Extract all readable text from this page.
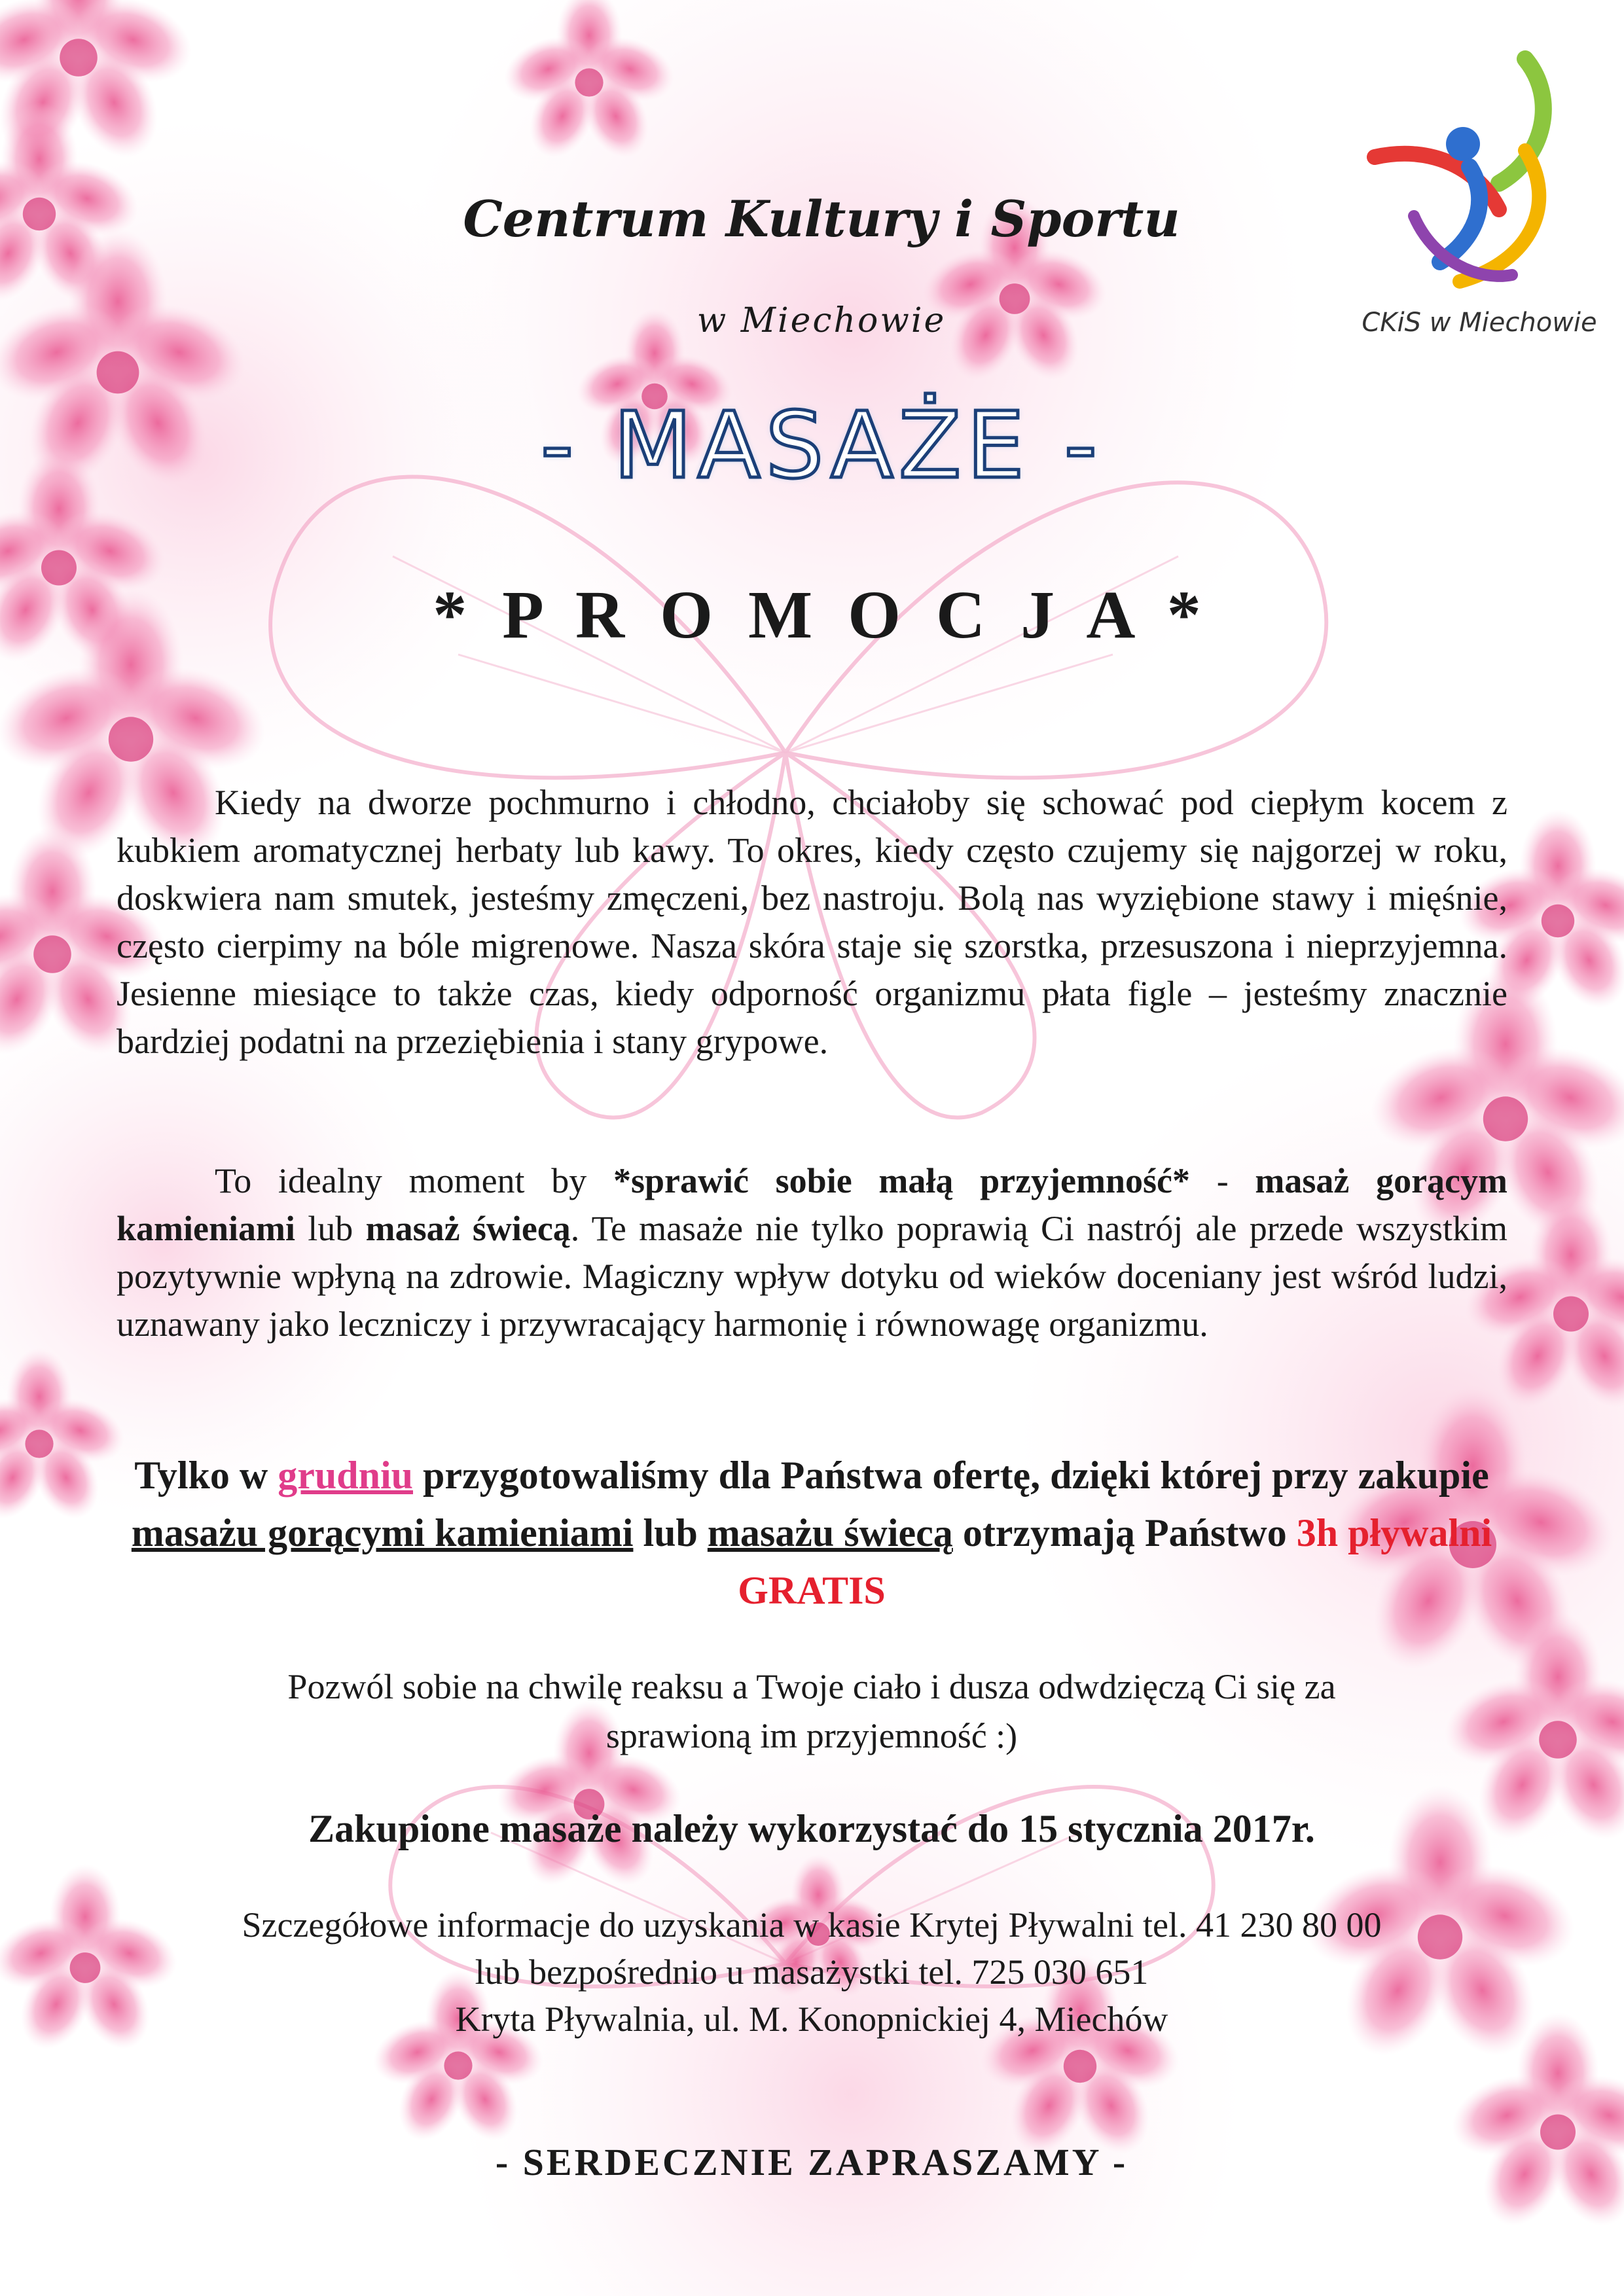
CKiS w Miechowie
Centrum Kultury i Sportu
w Miechowie
- MASAŻE -
* P R O M O C J A *
Kiedy na dworze pochmurno i chłodno, chciałoby się schować pod ciepłym kocem z kubkiem aromatycznej herbaty lub kawy. To okres, kiedy często czujemy się najgorzej w roku, doskwiera nam smutek, jesteśmy zmęczeni, bez nastroju. Bolą nas wyziębione stawy i mięśnie, często cierpimy na bóle migrenowe. Nasza skóra staje się szorstka, przesuszona i nieprzyjemna. Jesienne miesiące to także czas, kiedy odporność organizmu płata figle – jesteśmy znacznie bardziej podatni na przeziębienia i stany grypowe.
To idealny moment by *sprawić sobie małą przyjemność* - masaż gorącym kamieniami lub masaż świecą. Te masaże nie tylko poprawią Ci nastrój ale przede wszystkim pozytywnie wpłyną na zdrowie. Magiczny wpływ dotyku od wieków doceniany jest wśród ludzi, uznawany jako leczniczy i przywracający harmonię i równowagę organizmu.
Tylko w grudniu przygotowaliśmy dla Państwa ofertę, dzięki której przy zakupie masażu gorącymi kamieniami lub masażu świecą otrzymają Państwo 3h pływalni GRATIS
Pozwól sobie na chwilę reaksu a Twoje ciało i dusza odwdzięczą Ci się za
sprawioną im przyjemność :)
Zakupione masaże należy wykorzystać do 15 stycznia 2017r.
Szczegółowe informacje do uzyskania w kasie Krytej Pływalni tel. 41 230 80 00
lub bezpośrednio u masażystki tel. 725 030 651
Kryta Pływalnia, ul. M. Konopnickiej 4, Miechów
- SERDECZNIE ZAPRASZAMY -
